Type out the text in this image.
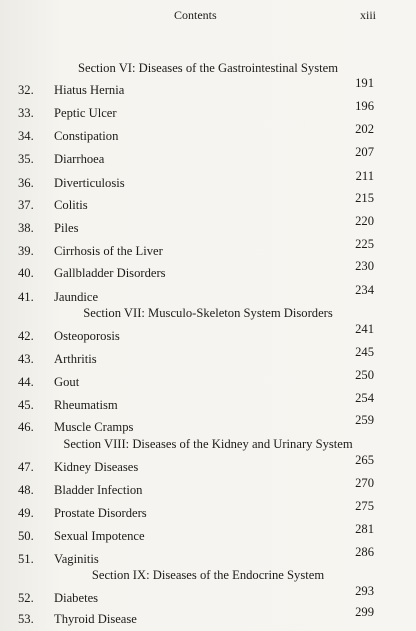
Contents	xiii
Section VI: Diseases of the Gastrointestinal System
32.	Hiatus Hernia	191
33.	Peptic Ulcer	196
34.	Constipation	202
35.	Diarrhoea	207
36.	Diverticulosis	211
37.	Colitis	215
38.	Piles	220
39.	Cirrhosis of the Liver	225
40.	Gallbladder Disorders	230
41.	Jaundice	234
Section VII: Musculo-Skeleton System Disorders
42.	Osteoporosis	241
43.	Arthritis	245
44.	Gout	250
45.	Rheumatism	254
46.	Muscle Cramps	259
Section VIII: Diseases of the Kidney and Urinary System
47.	Kidney Diseases	265
48.	Bladder Infection	270
49.	Prostate Disorders	275
50.	Sexual Impotence	281
51.	Vaginitis	286
Section IX: Diseases of the Endocrine System
52.	Diabetes	293
53.	Thyroid Disease	299
